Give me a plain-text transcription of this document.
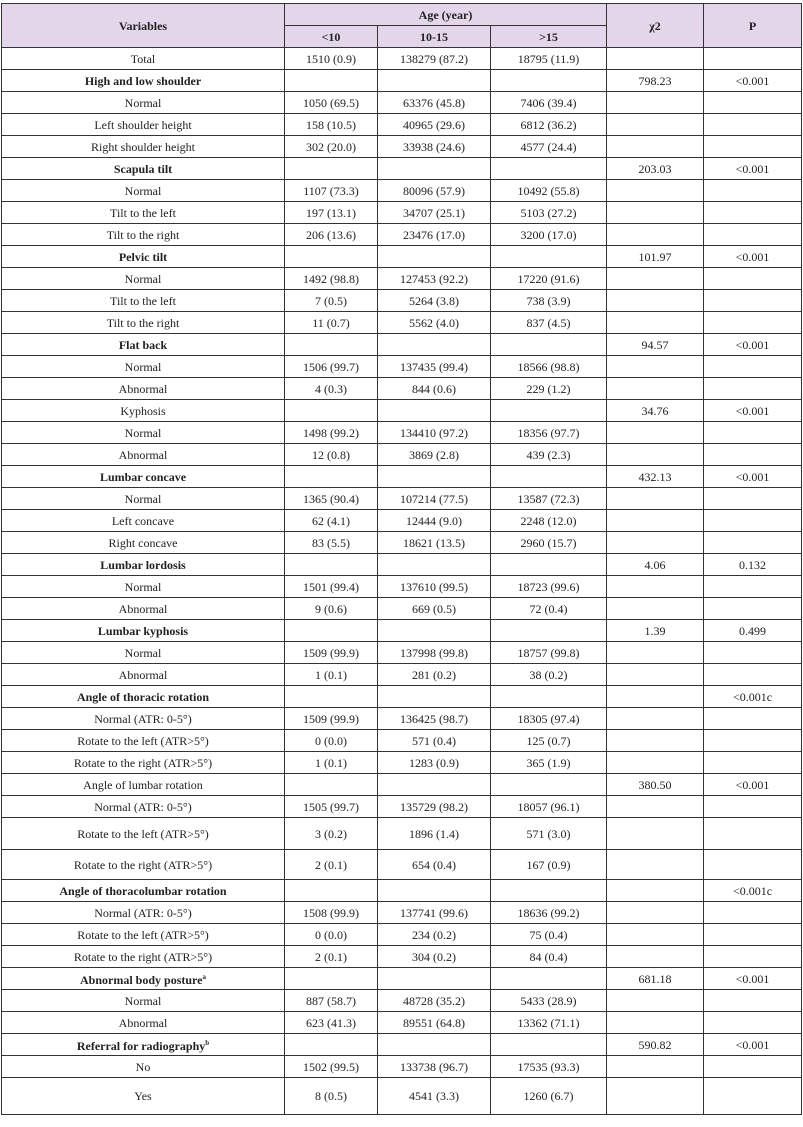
Variables	Age (year)			χ2	P
	<10	10-15	>15		
Total	1510 (0.9)	138279 (87.2)	18795 (11.9)		
High and low shoulder				798.23	<0.001
Normal	1050 (69.5)	63376 (45.8)	7406 (39.4)		
Left shoulder height	158 (10.5)	40965 (29.6)	6812 (36.2)		
Right shoulder height	302 (20.0)	33938 (24.6)	4577 (24.4)		
Scapula tilt				203.03	<0.001
Normal	1107 (73.3)	80096 (57.9)	10492 (55.8)		
Tilt to the left	197 (13.1)	34707 (25.1)	5103 (27.2)		
Tilt to the right	206 (13.6)	23476 (17.0)	3200 (17.0)		
Pelvic tilt				101.97	<0.001
Normal	1492 (98.8)	127453 (92.2)	17220 (91.6)		
Tilt to the left	7 (0.5)	5264 (3.8)	738 (3.9)		
Tilt to the right	11 (0.7)	5562 (4.0)	837 (4.5)		
Flat back				94.57	<0.001
Normal	1506 (99.7)	137435 (99.4)	18566 (98.8)		
Abnormal	4 (0.3)	844 (0.6)	229 (1.2)		
Kyphosis				34.76	<0.001
Normal	1498 (99.2)	134410 (97.2)	18356 (97.7)		
Abnormal	12 (0.8)	3869 (2.8)	439 (2.3)		
Lumbar concave				432.13	<0.001
Normal	1365 (90.4)	107214 (77.5)	13587 (72.3)		
Left concave	62 (4.1)	12444 (9.0)	2248 (12.0)		
Right concave	83 (5.5)	18621 (13.5)	2960 (15.7)		
Lumbar lordosis				4.06	0.132
Normal	1501 (99.4)	137610 (99.5)	18723 (99.6)		
Abnormal	9 (0.6)	669 (0.5)	72 (0.4)		
Lumbar kyphosis				1.39	0.499
Normal	1509 (99.9)	137998 (99.8)	18757 (99.8)		
Abnormal	1 (0.1)	281 (0.2)	38 (0.2)		
Angle of thoracic rotation					<0.001c
Normal (ATR: 0-5°)	1509 (99.9)	136425 (98.7)	18305 (97.4)		
Rotate to the left (ATR>5°)	0 (0.0)	571 (0.4)	125 (0.7)		
Rotate to the right (ATR>5°)	1 (0.1)	1283 (0.9)	365 (1.9)		
Angle of lumbar rotation				380.50	<0.001
Normal (ATR: 0-5°)	1505 (99.7)	135729 (98.2)	18057 (96.1)		
Rotate to the left (ATR>5°)	3 (0.2)	1896 (1.4)	571 (3.0)		
Rotate to the right (ATR>5°)	2 (0.1)	654 (0.4)	167 (0.9)		
Angle of thoracolumbar rotation					<0.001c
Normal (ATR: 0-5°)	1508 (99.9)	137741 (99.6)	18636 (99.2)		
Rotate to the left (ATR>5°)	0 (0.0)	234 (0.2)	75 (0.4)		
Rotate to the right (ATR>5°)	2 (0.1)	304 (0.2)	84 (0.4)		
Abnormal body posture$^a$				681.18	<0.001
Normal	887 (58.7)	48728 (35.2)	5433 (28.9)		
Abnormal	623 (41.3)	89551 (64.8)	13362 (71.1)		
Referral for radiography$^b$				590.82	<0.001
No	1502 (99.5)	133738 (96.7)	17535 (93.3)		
Yes	8 (0.5)	4541 (3.3)	1260 (6.7)		
